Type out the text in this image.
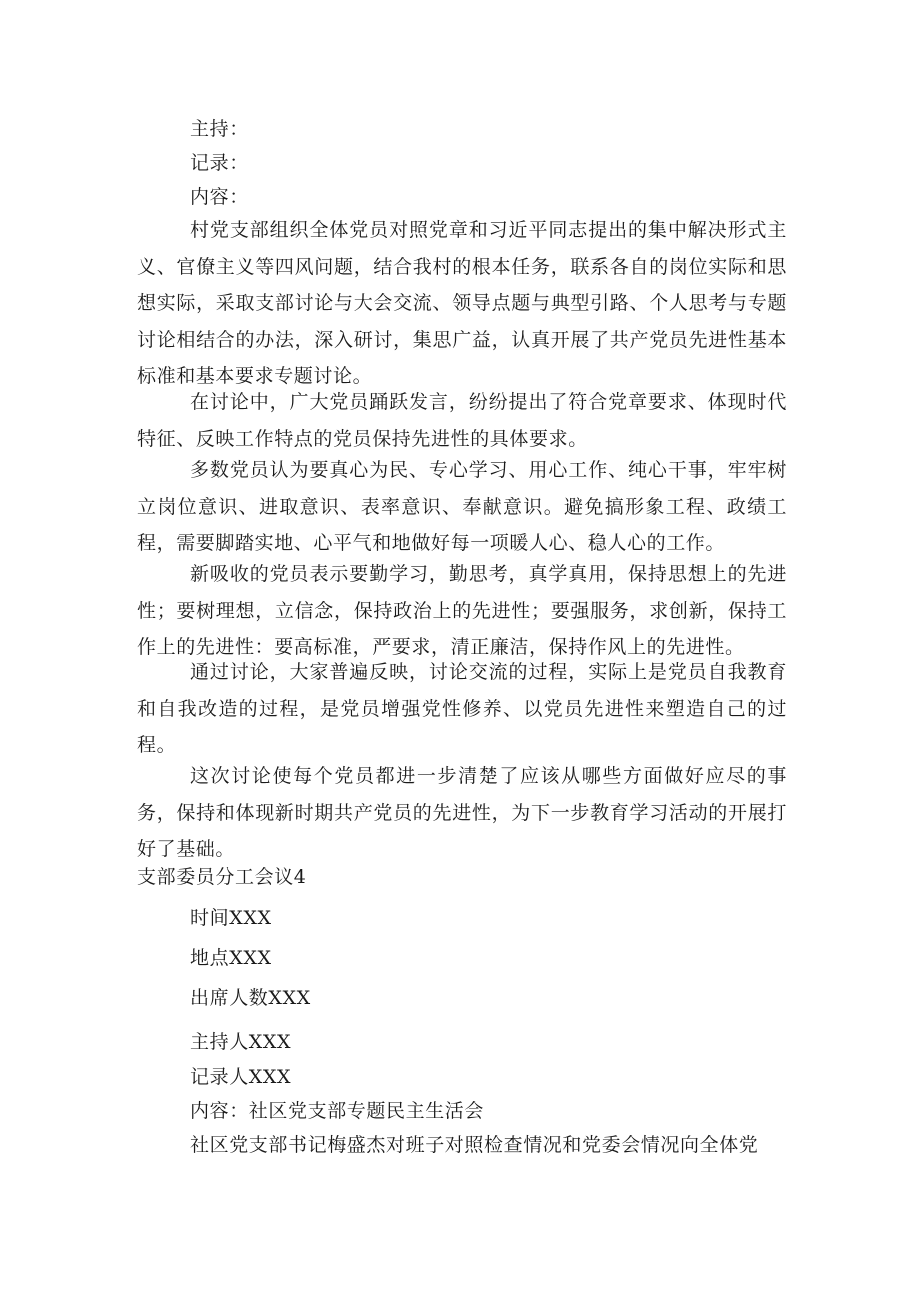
主持：
记录：
内容：

村党支部组织全体党员对照党章和习近平同志提出的集中解决形式主义、官僚主义等四风问题，结合我村的根本任务，联系各自的岗位实际和思想实际，采取支部讨论与大会交流、领导点题与典型引路、个人思考与专题讨论相结合的办法，深入研讨，集思广益，认真开展了共产党员先进性基本标准和基本要求专题讨论。

在讨论中，广大党员踊跃发言，纷纷提出了符合党章要求、体现时代特征、反映工作特点的党员保持先进性的具体要求。

多数党员认为要真心为民、专心学习、用心工作、纯心干事，牢牢树立岗位意识、进取意识、表率意识、奉献意识。避免搞形象工程、政绩工程，需要脚踏实地、心平气和地做好每一项暖人心、稳人心的工作。

新吸收的党员表示要勤学习，勤思考，真学真用，保持思想上的先进性；要树理想，立信念，保持政治上的先进性；要强服务，求创新，保持工作上的先进性：要高标准，严要求，清正廉洁，保持作风上的先进性。

通过讨论，大家普遍反映，讨论交流的过程，实际上是党员自我教育和自我改造的过程，是党员增强党性修养、以党员先进性来塑造自己的过程。

这次讨论使每个党员都进一步清楚了应该从哪些方面做好应尽的事务，保持和体现新时期共产党员的先进性，为下一步教育学习活动的开展打好了基础。

支部委员分工会议4
时间XXX
地点XXX
出席人数XXX
主持人XXX
记录人XXX
内容：社区党支部专题民主生活会
社区党支部书记梅盛杰对班子对照检查情况和党委会情况向全体党
